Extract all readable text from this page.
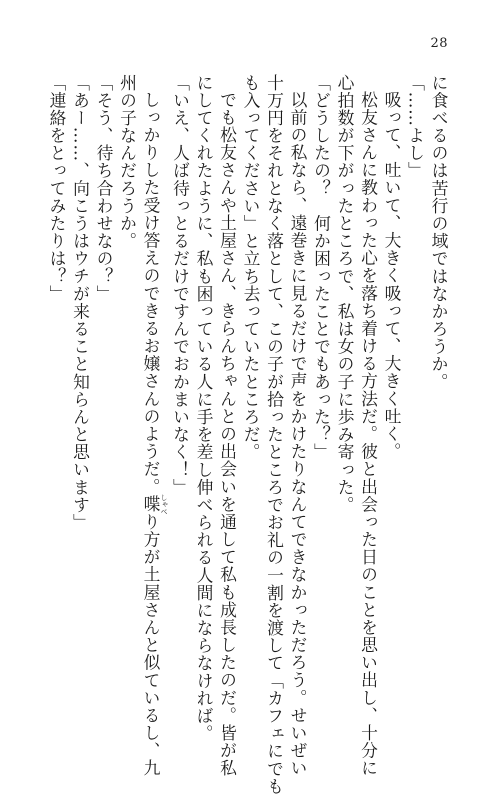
28
に食べるのは苦行の域ではなかろうか。
「……よし」
吸って、吐いて、大きく吸って、大きく吐く。
松友さんに教わった心を落ち着ける方法だ。彼と出会った日のことを思い出し、十分に
心拍数が下がったところで、私は女の子に歩み寄った。
「どうしたの？　何か困ったことでもあった？」
以前の私なら、遠巻きに見るだけで声をかけたりなんてできなかっただろう。せいぜい
十万円をそれとなく落として、この子が拾ったところでお礼の一割を渡して「カフェにでも
も入ってください」と立ち去っていたところだ。
でも松友さんや土屋さん、きらんちゃんとの出会いを通して私も成長したのだ。皆が私
にしてくれたように、私も困っている人に手を差し伸べられる人間にならなければ。
「いえ、人ば待っとるだけですんでおかまいなく！」
しっかりした受け答えのできるお嬢さんのようだ。喋 しゃべり方が土屋さんと似ているし、九
州の子なんだろうか。
「そう、待ち合わせなの？」
「あー……、向こうはウチが来ること知らんと思います」
「連絡をとってみたりは？」
